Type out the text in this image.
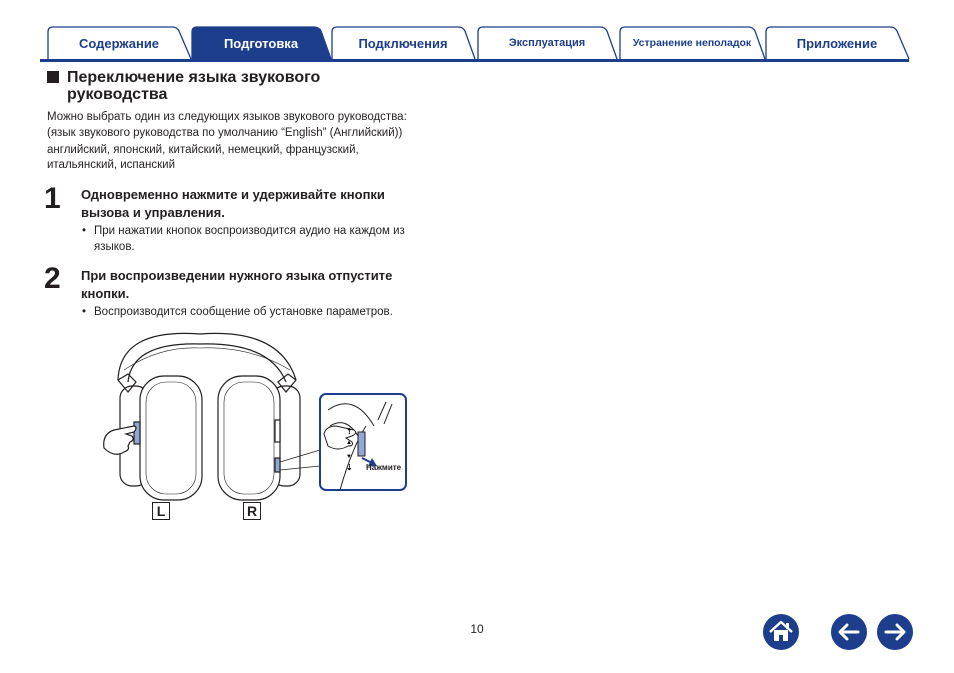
Содержание	Подготовка	Подключения	Эксплуатация	Устранение неполадок	Приложение
Переключение языка звукового
руководства
Можно выбрать один из следующих языков звукового руководства:
(язык звукового руководства по умолчанию “English” (Английский))
английский, японский, китайский, немецкий, французский,
итальянский, испанский
1 Одновременно нажмите и удерживайте кнопки
вызова и управления.
• При нажатии кнопок воспроизводится аудио на каждом из
языков.
2 При воспроизведении нужного языка отпустите
кнопки.
• Воспроизводится сообщение об установке параметров.
⇡
▲
▼
⇣ Нажмите
L	R
10
